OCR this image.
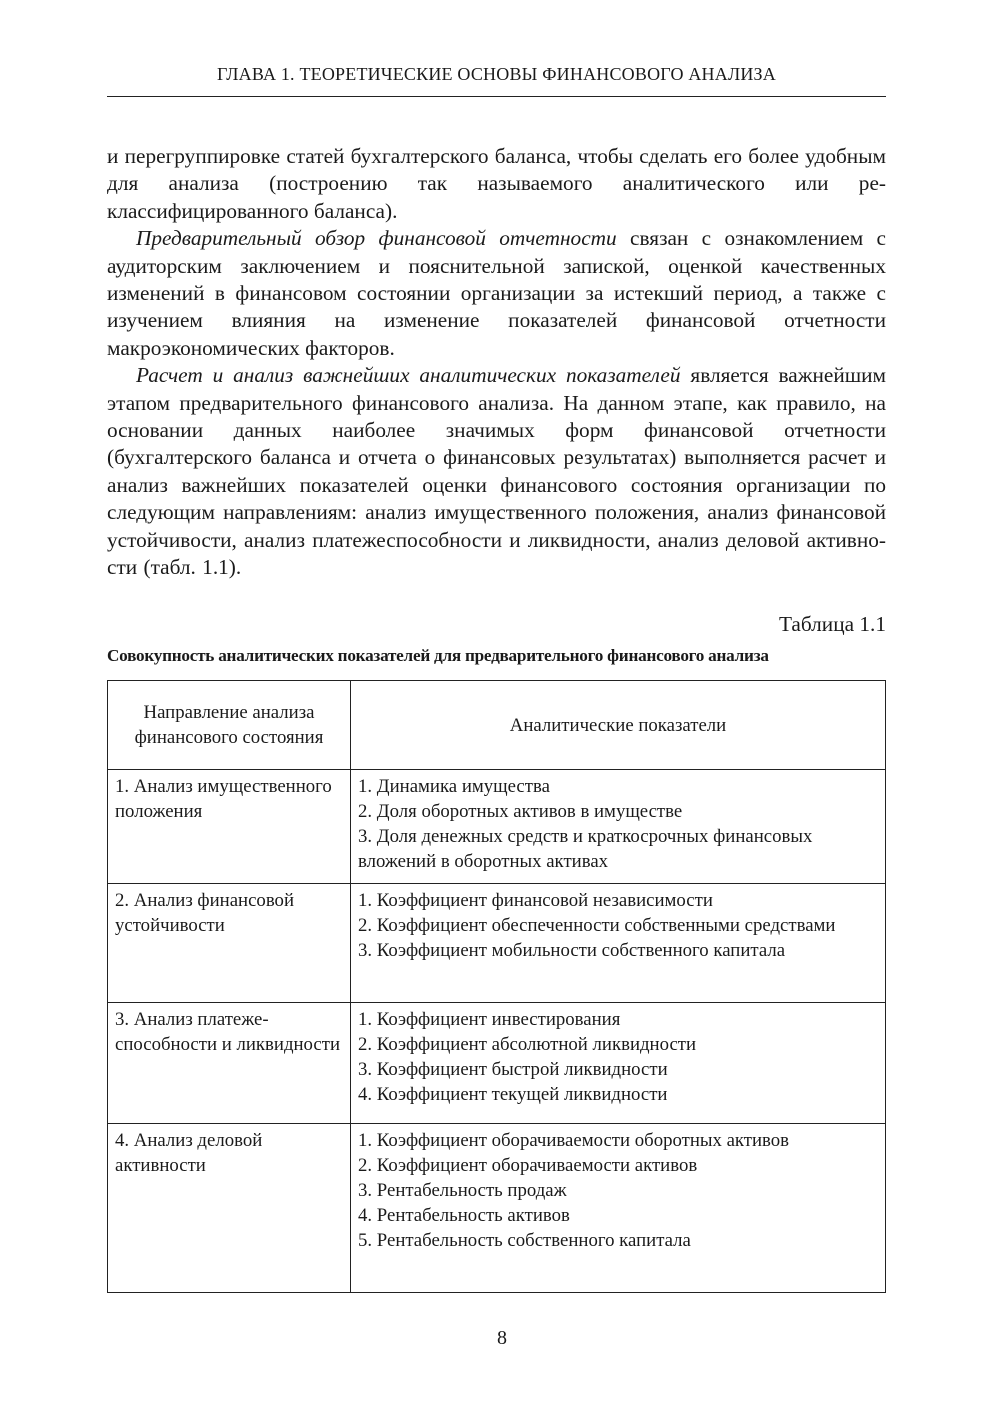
ГЛАВА 1. ТЕОРЕТИЧЕСКИЕ ОСНОВЫ ФИНАНСОВОГО АНАЛИЗА

и перегруппировке статей бухгалтерского баланса, чтобы сделать его более удобным для анализа (построению так называемого аналитического или реклассифицированного баланса).

Предварительный обзор финансовой отчетности связан с ознакомлением с аудиторским заключением и пояснительной запиской, оценкой качественных изменений в финансовом состоянии организации за истекший период, а также с изучением влияния на изменение показателей финансовой отчетности макроэкономических факторов.

Расчет и анализ важнейших аналитических показателей является важнейшим этапом предварительного финансового анализа. На данном этапе, как правило, на основании данных наиболее значимых форм финансовой отчетности (бухгалтерского баланса и отчета о финансовых результатах) выполняется расчет и анализ важнейших показателей оценки финансового состояния организации по следующим направлениям: анализ имущественного положения, анализ финансовой устойчивости, анализ платежеспособности и ликвидности, анализ деловой активности (табл. 1.1).

Таблица 1.1
Совокупность аналитических показателей для предварительного финансового анализа
Направление анализа финансового состояния	Аналитические показатели
1. Анализ имущественного положения	1. Динамика имущества
2. Доля оборотных активов в имуществе
3. Доля денежных средств и краткосрочных финансовых вложений в оборотных активах

2. Анализ финансовой устойчивости	1. Коэффициент финансовой независимости
2. Коэффициент обеспеченности собственными средствами
3. Коэффициент мобильности собственного капитала

3. Анализ платежеспособности и ликвидности	1. Коэффициент инвестирования
2. Коэффициент абсолютной ликвидности
3. Коэффициент быстрой ликвидности
4. Коэффициент текущей ликвидности

4. Анализ деловой активности	1. Коэффициент оборачиваемости оборотных активов
2. Коэффициент оборачиваемости активов
3. Рентабельность продаж
4. Рентабельность активов
5. Рентабельность собственного капитала
8
